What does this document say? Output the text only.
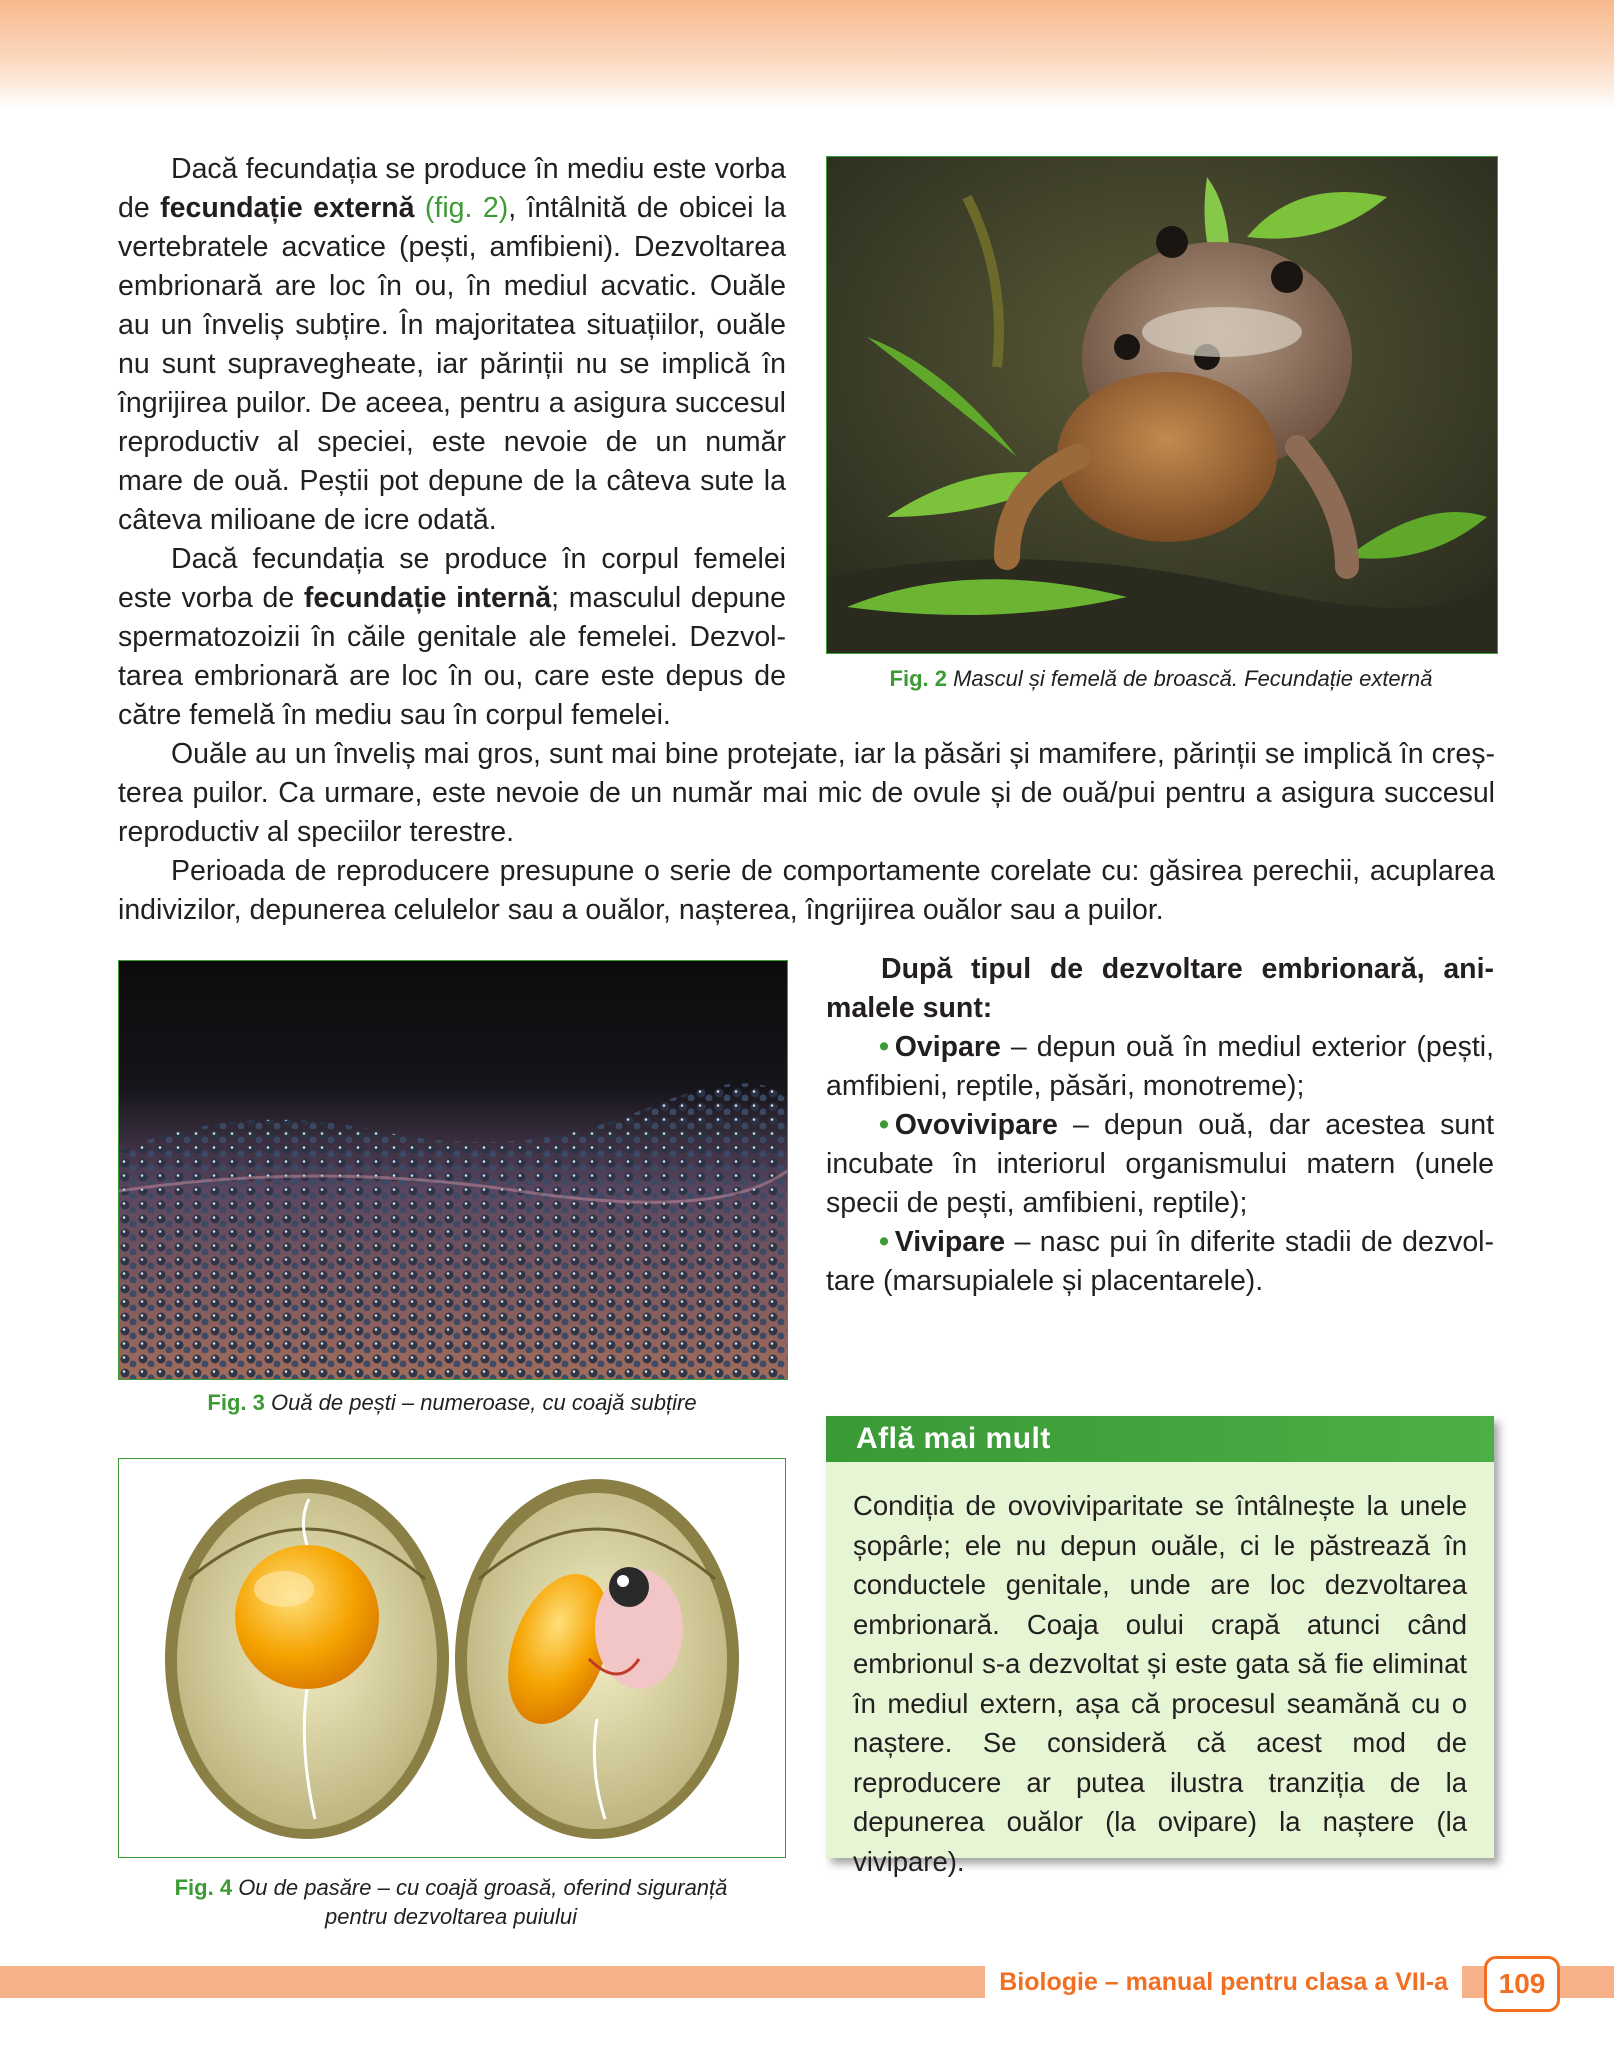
Dacă fecundația se produce în mediu este vorba de fecundație externă (fig. 2), întâlnită de obicei la vertebratele acvatice (pești, amfibieni). Dezvoltarea embrionară are loc în ou, în mediul acvatic. Ouăle au un înveliș subțire. În majoritatea situațiilor, ouăle nu sunt supravegheate, iar părinții nu se implică în îngrijirea puilor. De aceea, pentru a asigura succesul reproductiv al speciei, este nevoie de un număr mare de ouă. Peștii pot depune de la câteva sute la câteva milioane de icre odată.

Dacă fecundația se produce în corpul femelei este vorba de fecundație internă; masculul depune spermatozoizii în căile genitale ale femelei. Dezvoltarea embrionară are loc în ou, care este depus de către femelă în mediu sau în corpul femelei.

Fig. 2 Mascul și femelă de broască. Fecundație externă

Ouăle au un înveliș mai gros, sunt mai bine protejate, iar la păsări și mamifere, părinții se implică în creșterea puilor. Ca urmare, este nevoie de un număr mai mic de ovule și de ouă/pui pentru a asigura succesul reproductiv al speciilor terestre.

Perioada de reproducere presupune o serie de comportamente corelate cu: găsirea perechii, acuplarea indivizilor, depunerea celulelor sau a ouălor, nașterea, îngrijirea ouălor sau a puilor.

Fig. 3 Ouă de pești – numeroase, cu coajă subțire

După tipul de dezvoltare embrionară, animalele sunt:

•  Ovipare – depun ouă în mediul exterior (pești, amfibieni, reptile, păsări, monotreme);

•  Ovovivipare – depun ouă, dar acestea sunt incubate în interiorul organismului matern (unele specii de pești, amfibieni, reptile);

•  Vivipare – nasc pui în diferite stadii de dezvoltare (marsupialele și placentarele).

Fig. 4 Ou de pasăre – cu coajă groasă, oferind siguranță
pentru dezvoltarea puiului
Află mai mult

Condiția de ovoviviparitate se întâlnește la unele șopârle; ele nu depun ouăle, ci le păstrează în conductele genitale, unde are loc dezvoltarea embrionară. Coaja oului crapă atunci când embrionul s-a dezvoltat și este gata să fie eliminat în mediul extern, așa că procesul seamănă cu o naștere. Se consideră că acest mod de reproducere ar putea ilustra tranziția de la depunerea ouălor (la ovipare) la naștere (la vivipare).

Biologie – manual pentru clasa a VII-a	109
